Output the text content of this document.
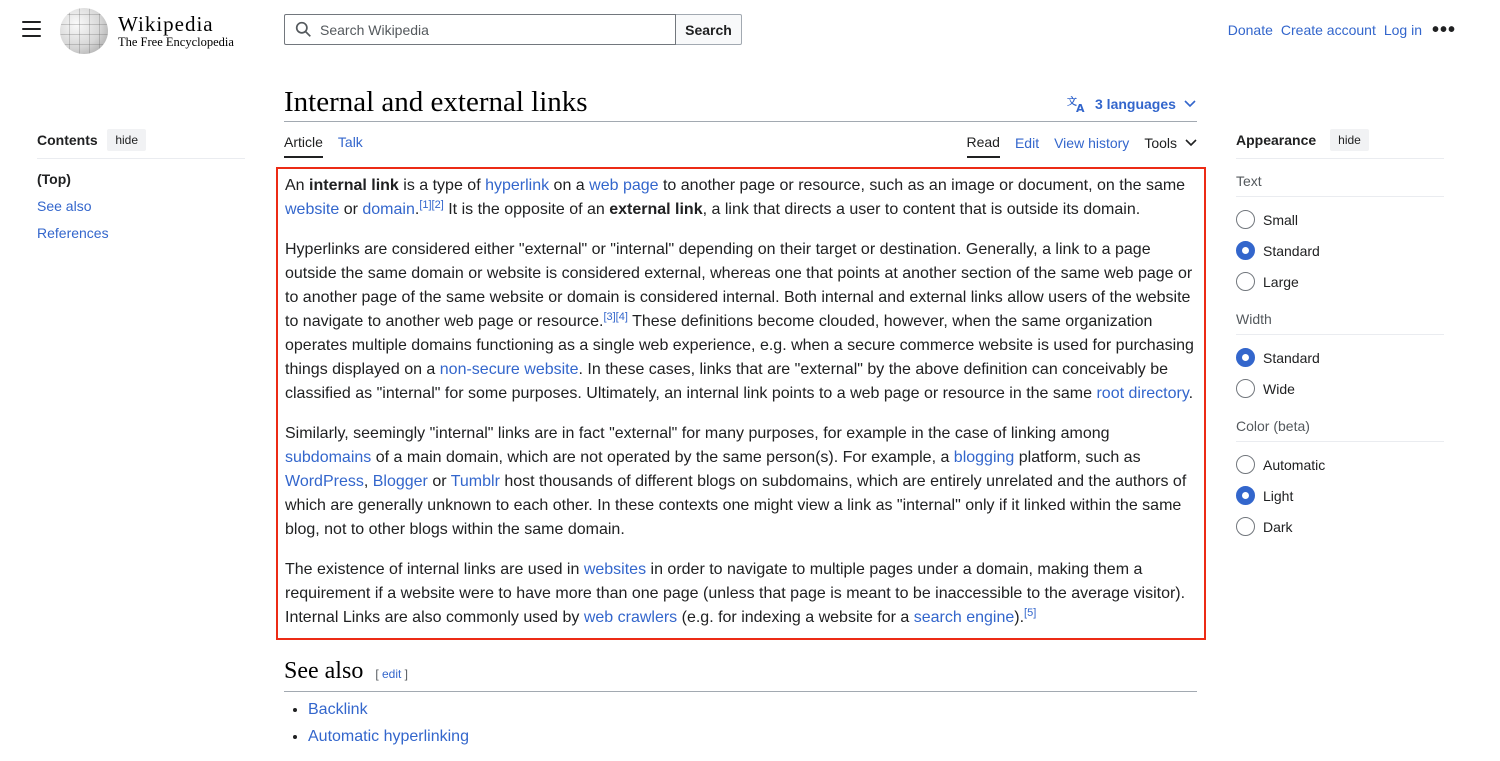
Wikipedia
The Free Encyclopedia
Search Wikipedia
Search	Donate Create account Log in •••
Internal and external links	文 A 3 languages
Article Talk	Read Edit View history Tools
Contents	hide
(Top)
See also
References
Appearance	hide
Text
Small
Standard
Large
Width
Standard
Wide
Color (beta)
Automatic
Light
Dark

An internal link is a type of hyperlink on a web page to another page or resource, such as an image or document, on the same website or domain.[1][2] It is the opposite of an external link, a link that directs a user to content that is outside its domain.

Hyperlinks are considered either "external" or "internal" depending on their target or destination. Generally, a link to a page outside the same domain or website is considered external, whereas one that points at another section of the same web page or to another page of the same website or domain is considered internal. Both internal and external links allow users of the website to navigate to another web page or resource.[3][4] These definitions become clouded, however, when the same organization operates multiple domains functioning as a single web experience, e.g. when a secure commerce website is used for purchasing things displayed on a non-secure website. In these cases, links that are "external" by the above definition can conceivably be classified as "internal" for some purposes. Ultimately, an internal link points to a web page or resource in the same root directory.

Similarly, seemingly "internal" links are in fact "external" for many purposes, for example in the case of linking among subdomains of a main domain, which are not operated by the same person(s). For example, a blogging platform, such as WordPress, Blogger or Tumblr host thousands of different blogs on subdomains, which are entirely unrelated and the authors of which are generally unknown to each other. In these contexts one might view a link as "internal" only if it linked within the same blog, not to other blogs within the same domain.

The existence of internal links are used in websites in order to navigate to multiple pages under a domain, making them a requirement if a website were to have more than one page (unless that page is meant to be inaccessible to the average visitor). Internal Links are also commonly used by web crawlers (e.g. for indexing a website for a search engine).[5]

See also [ edit ]
• Backlink
• Automatic hyperlinking
